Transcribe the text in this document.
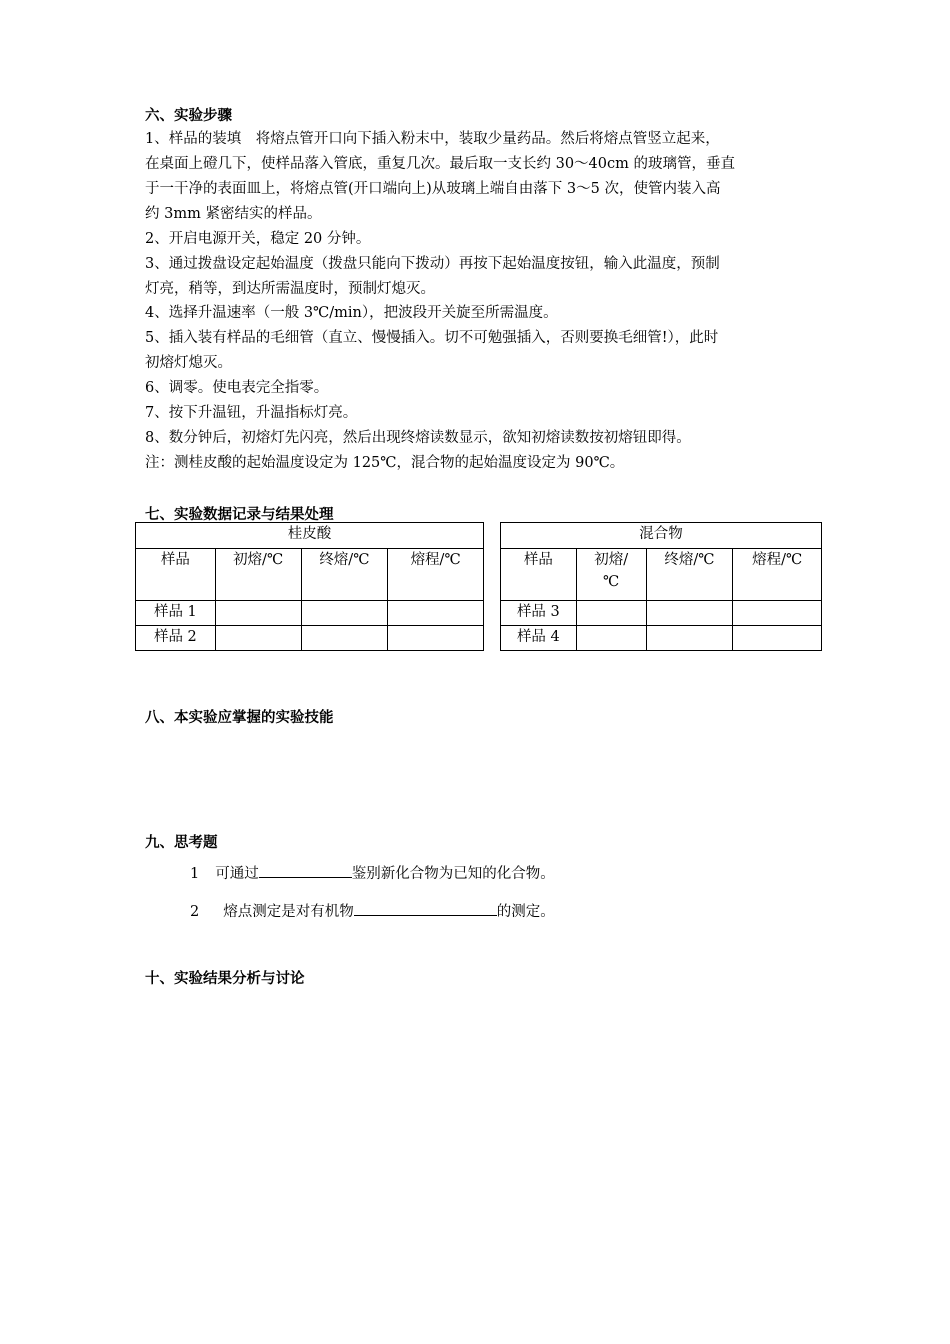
六、实验步骤
1、样品的装填　将熔点管开口向下插入粉末中，装取少量药品。然后将熔点管竖立起来，
在桌面上磴几下，使样品落入管底，重复几次。最后取一支长约 30～40cm 的玻璃管，垂直
于一干净的表面皿上，将熔点管(开口端向上)从玻璃上端自由落下 3～5 次，使管内装入高
约 3mm 紧密结实的样品。
2、开启电源开关，稳定 20 分钟。
3、通过拨盘设定起始温度（拨盘只能向下拨动）再按下起始温度按钮，输入此温度，预制
灯亮，稍等，到达所需温度时，预制灯熄灭。
4、选择升温速率（一般 3℃/min），把波段开关旋至所需温度。
5、插入装有样品的毛细管（直立、慢慢插入。切不可勉强插入，否则要换毛细管!），此时
初熔灯熄灭。
6、调零。使电表完全指零。
7、按下升温钮，升温指标灯亮。
8、数分钟后，初熔灯先闪亮，然后出现终熔读数显示，欲知初熔读数按初熔钮即得。
注：测桂皮酸的起始温度设定为 125℃，混合物的起始温度设定为 90℃。
七、实验数据记录与结果处理
桂皮酸			
样品	初熔/℃	终熔/℃	熔程/℃
样品 1			
样品 2			
混合物			
样品	初熔/℃	终熔/℃	熔程/℃
样品 3			
样品 4			
八、本实验应掌握的实验技能
九、思考题
1 可通过	鉴别新化合物为已知的化合物。
2 熔点测定是对有机物	的测定。
十、实验结果分析与讨论
